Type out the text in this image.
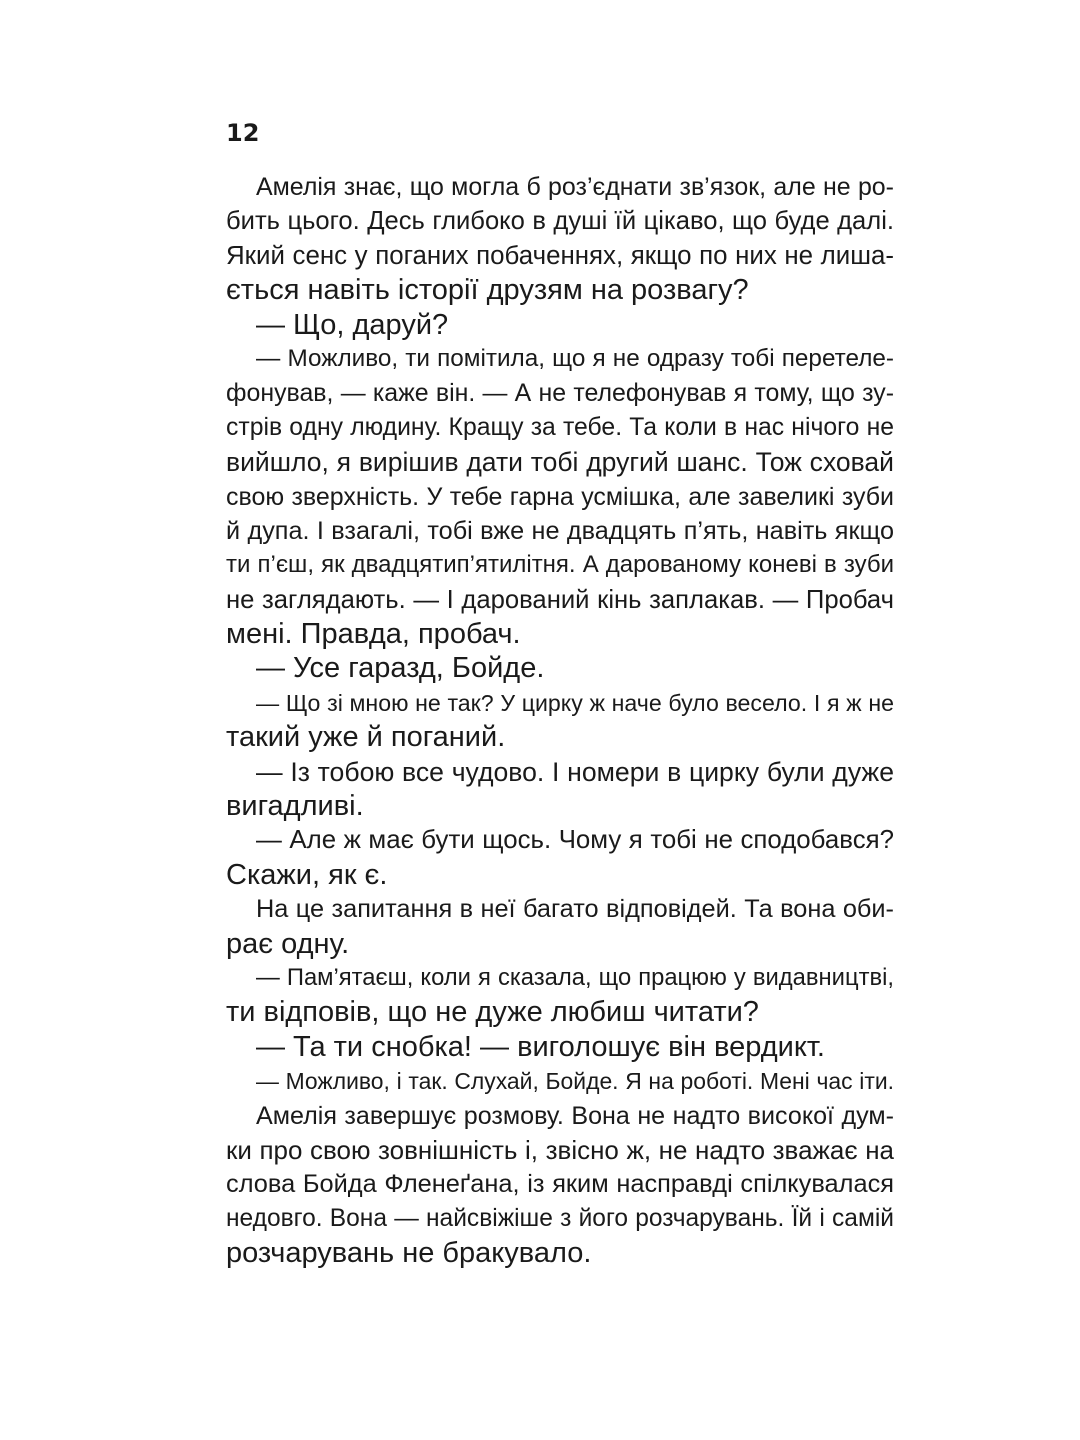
12
Амелія знає, що могла б роз’єднати зв’язок, але не ро-
бить цього. Десь глибоко в душі їй цікаво, що буде далі.
Який сенс у поганих побаченнях, якщо по них не лиша-
ється навіть історії друзям на розвагу?
— Що, даруй?
— Можливо, ти помітила, що я не одразу тобі перетеле-
фонував, — каже він. — А не телефонував я тому, що зу-
стрів одну людину. Кращу за тебе. Та коли в нас нічого не
вийшло, я вирішив дати тобі другий шанс. Тож сховай
свою зверхність. У тебе гарна усмішка, але завеликі зуби
й дупа. І взагалі, тобі вже не двадцять п’ять, навіть якщо
ти п’єш, як двадцятип’ятилітня. А дарованому коневі в зуби
не заглядають. — І дарований кінь заплакав. — Пробач
мені. Правда, пробач.
— Усе гаразд, Бойде.
— Що зі мною не так? У цирку ж наче було весело. І я ж не
такий уже й поганий.
— Із тобою все чудово. І номери в цирку були дуже
вигадливі.
— Але ж має бути щось. Чому я тобі не сподобався?
Скажи, як є.
На це запитання в неї багато відповідей. Та вона оби-
рає одну.
— Пам’ятаєш, коли я сказала, що працюю у видавництві,
ти відповів, що не дуже любиш читати?
— Та ти снобка! — виголошує він вердикт.
— Можливо, і так. Слухай, Бойде. Я на роботі. Мені час іти.
Амелія завершує розмову. Вона не надто високої дум-
ки про свою зовнішність і, звісно ж, не надто зважає на
слова Бойда Фленеґана, із яким насправді спілкувалася
недовго. Вона — найсвіжіше з його розчарувань. Їй і самій
розчарувань не бракувало.
